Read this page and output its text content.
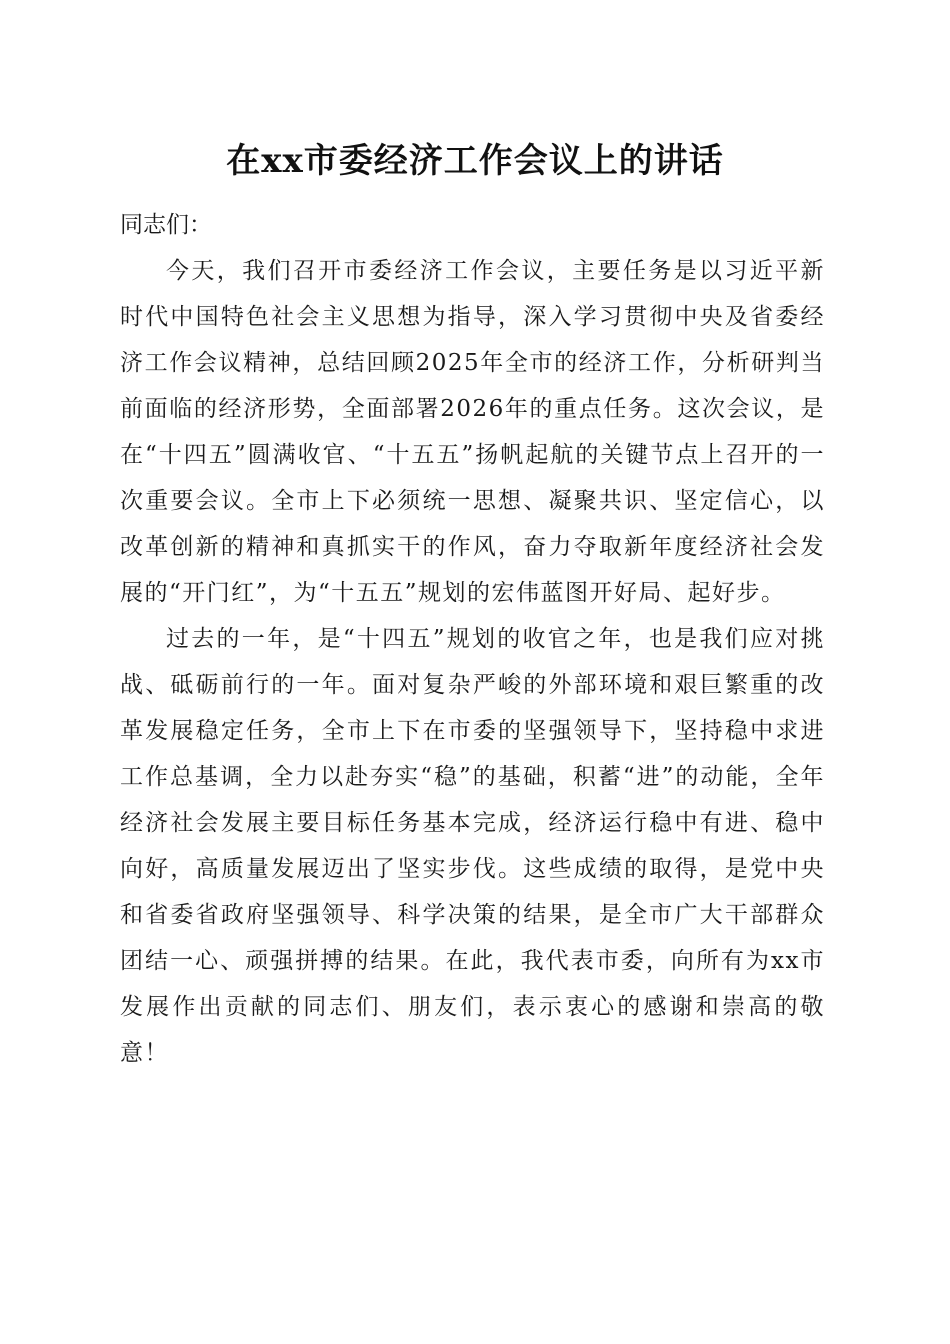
在xx市委经济工作会议上的讲话

同志们：

今天，我们召开市委经济工作会议，主要任务是以习近平新时代中国特色社会主义思想为指导，深入学习贯彻中央及省委经济工作会议精神，总结回顾2025年全市的经济工作，分析研判当前面临的经济形势，全面部署2026年的重点任务。这次会议，是在“十四五”圆满收官、“十五五”扬帆起航的关键节点上召开的一次重要会议。全市上下必须统一思想、凝聚共识、坚定信心，以改革创新的精神和真抓实干的作风，奋力夺取新年度经济社会发展的“开门红”，为“十五五”规划的宏伟蓝图开好局、起好步。

过去的一年，是“十四五”规划的收官之年，也是我们应对挑战、砥砺前行的一年。面对复杂严峻的外部环境和艰巨繁重的改革发展稳定任务，全市上下在市委的坚强领导下，坚持稳中求进工作总基调，全力以赴夯实“稳”的基础，积蓄“进”的动能，全年经济社会发展主要目标任务基本完成，经济运行稳中有进、稳中向好，高质量发展迈出了坚实步伐。这些成绩的取得，是党中央和省委省政府坚强领导、科学决策的结果，是全市广大干部群众团结一心、顽强拼搏的结果。在此，我代表市委，向所有为xx市发展作出贡献的同志们、朋友们，表示衷心的感谢和崇高的敬意！
